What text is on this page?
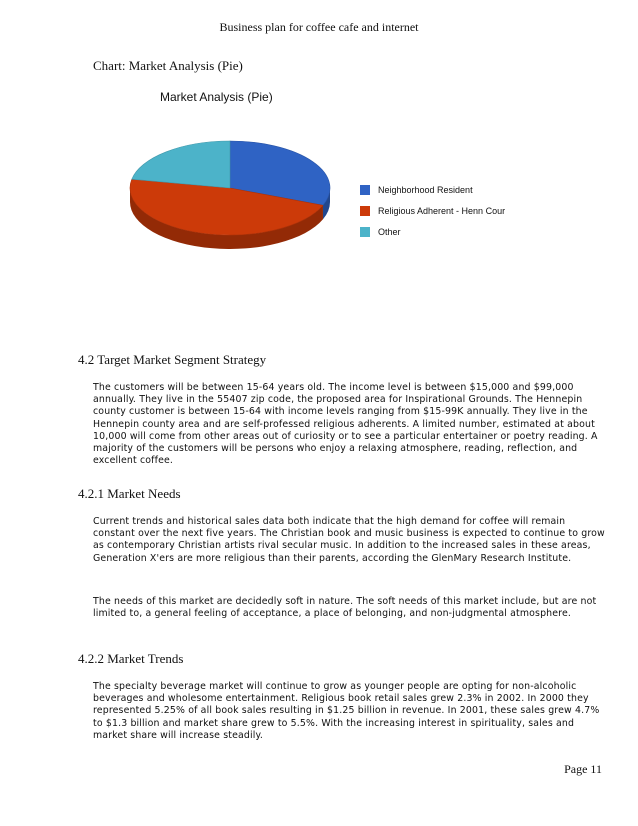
Business plan for coffee cafe and internet
Chart: Market Analysis (Pie)
Market Analysis (Pie)
Neighborhood Resident
Religious Adherent - Henn Cour
Other
4.2 Target Market Segment Strategy

The customers will be between 15-64 years old. The income level is between $15,000 and $99,000 annually. They live in the 55407 zip code, the proposed area for Inspirational Grounds. The Hennepin county customer is between 15-64 with income levels ranging from $15-99K annually. They live in the Hennepin county area and are self-professed religious adherents. A limited number, estimated at about 10,000 will come from other areas out of curiosity or to see a particular entertainer or poetry reading. A majority of the customers will be persons who enjoy a relaxing atmosphere, reading, reflection, and excellent coffee.

4.2.1 Market Needs

Current trends and historical sales data both indicate that the high demand for coffee will remain constant over the next five years. The Christian book and music business is expected to continue to grow as contemporary Christian artists rival secular music. In addition to the increased sales in these areas, Generation X'ers are more religious than their parents, according the GlenMary Research Institute.

The needs of this market are decidedly soft in nature. The soft needs of this market include, but are not limited to, a general feeling of acceptance, a place of belonging, and non-judgmental atmosphere.

4.2.2 Market Trends

The specialty beverage market will continue to grow as younger people are opting for non-alcoholic beverages and wholesome entertainment. Religious book retail sales grew 2.3% in 2002. In 2000 they represented 5.25% of all book sales resulting in $1.25 billion in revenue. In 2001, these sales grew 4.7% to $1.3 billion and market share grew to 5.5%. With the increasing interest in spirituality, sales and market share will increase steadily.

Page 11
